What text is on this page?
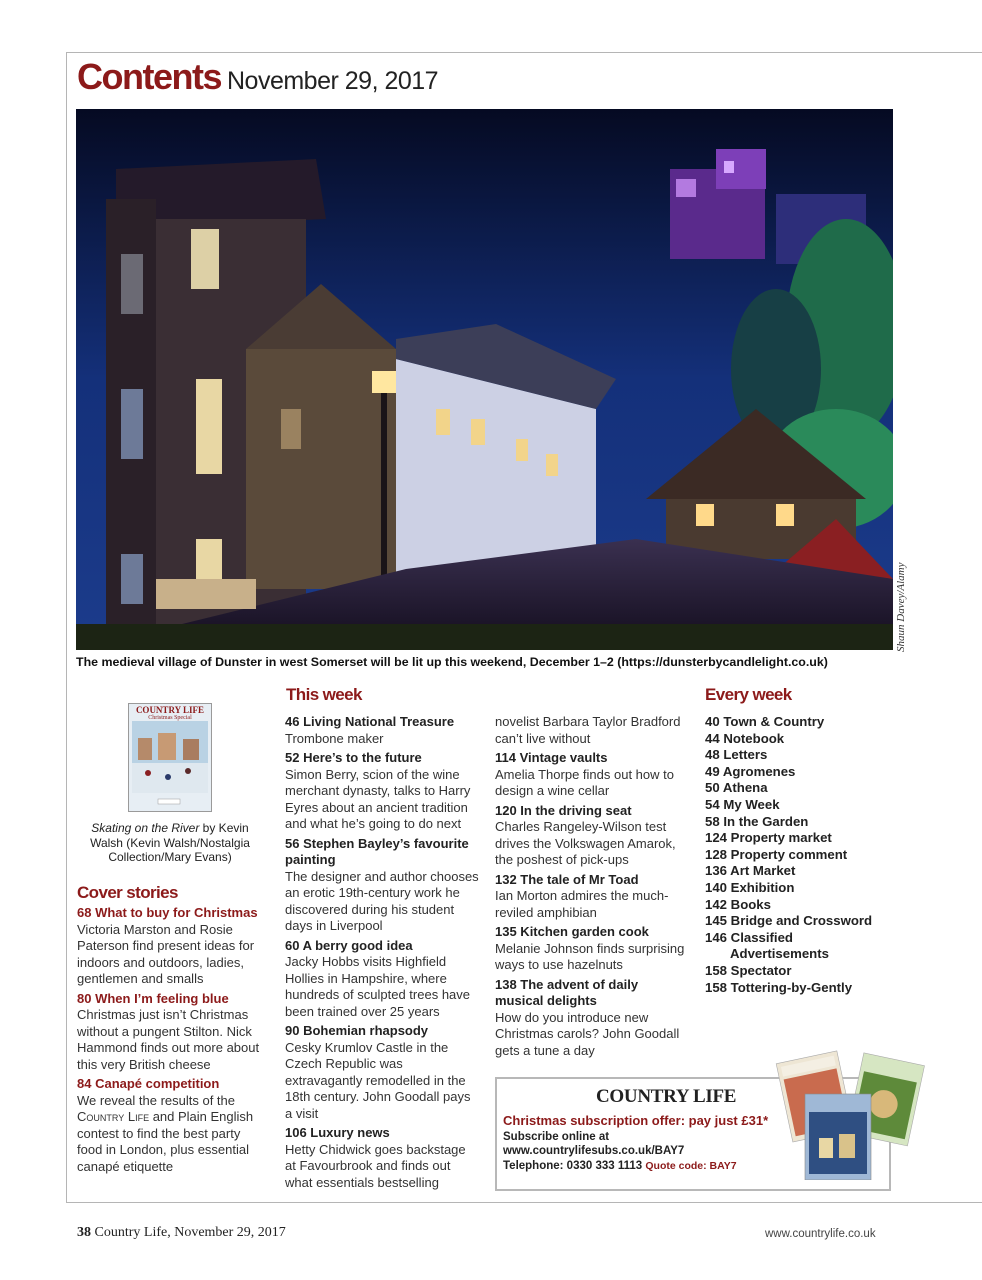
Contents November 29, 2017
Shaun Davey/Alamy
The medieval village of Dunster in west Somerset will be lit up this weekend, December 1–2 (https://dunsterbycandlelight.co.uk)
COUNTRY LIFE
Christmas Special
Skating on the River by Kevin Walsh (Kevin Walsh/Nostalgia Collection/Mary Evans)
Cover stories
68 What to buy for Christmas
Victoria Marston and Rosie Paterson find present ideas for indoors and outdoors, ladies, gentlemen and smalls
80 When I’m feeling blue
Christmas just isn’t Christmas without a pungent Stilton. Nick Hammond finds out more about this very British cheese
84 Canapé competition
We reveal the results of the Country Life and Plain English contest to find the best party food in London, plus essential canapé etiquette
This week
46 Living National Treasure
Trombone maker
52 Here’s to the future
Simon Berry, scion of the wine merchant dynasty, talks to Harry Eyres about an ancient tradition and what he’s going to do next
56 Stephen Bayley’s favourite painting
The designer and author chooses an erotic 19th-century work he discovered during his student days in Liverpool
60 A berry good idea
Jacky Hobbs visits Highfield Hollies in Hampshire, where hundreds of sculpted trees have been trained over 25 years
90 Bohemian rhapsody
Cesky Krumlov Castle in the Czech Republic was extravagantly remodelled in the 18th century. John Goodall pays a visit
106 Luxury news
Hetty Chidwick goes backstage at Favourbrook and finds out what essentials bestselling
novelist Barbara Taylor Bradford can’t live without
114 Vintage vaults
Amelia Thorpe finds out how to design a wine cellar
120 In the driving seat
Charles Rangeley-Wilson test drives the Volkswagen Amarok, the poshest of pick-ups
132 The tale of Mr Toad
Ian Morton admires the much-reviled amphibian
135 Kitchen garden cook
Melanie Johnson finds surprising ways to use hazelnuts
138 The advent of daily musical delights
How do you introduce new Christmas carols? John Goodall gets a tune a day
Every week
40 Town & Country
44 Notebook
48 Letters
49 Agromenes
50 Athena
54 My Week
58 In the Garden
124 Property market
128 Property comment
136 Art Market
140 Exhibition
142 Books
145 Bridge and Crossword
146 Classified
Advertisements
158 Spectator
158 Tottering-by-Gently
COUNTRY LIFE
Christmas subscription offer: pay just £31*
Subscribe online at www.countrylifesubs.co.uk/BAY7
Telephone: 0330 333 1113 Quote code: BAY7
38 Country Life, November 29, 2017	www.countrylife.co.uk
